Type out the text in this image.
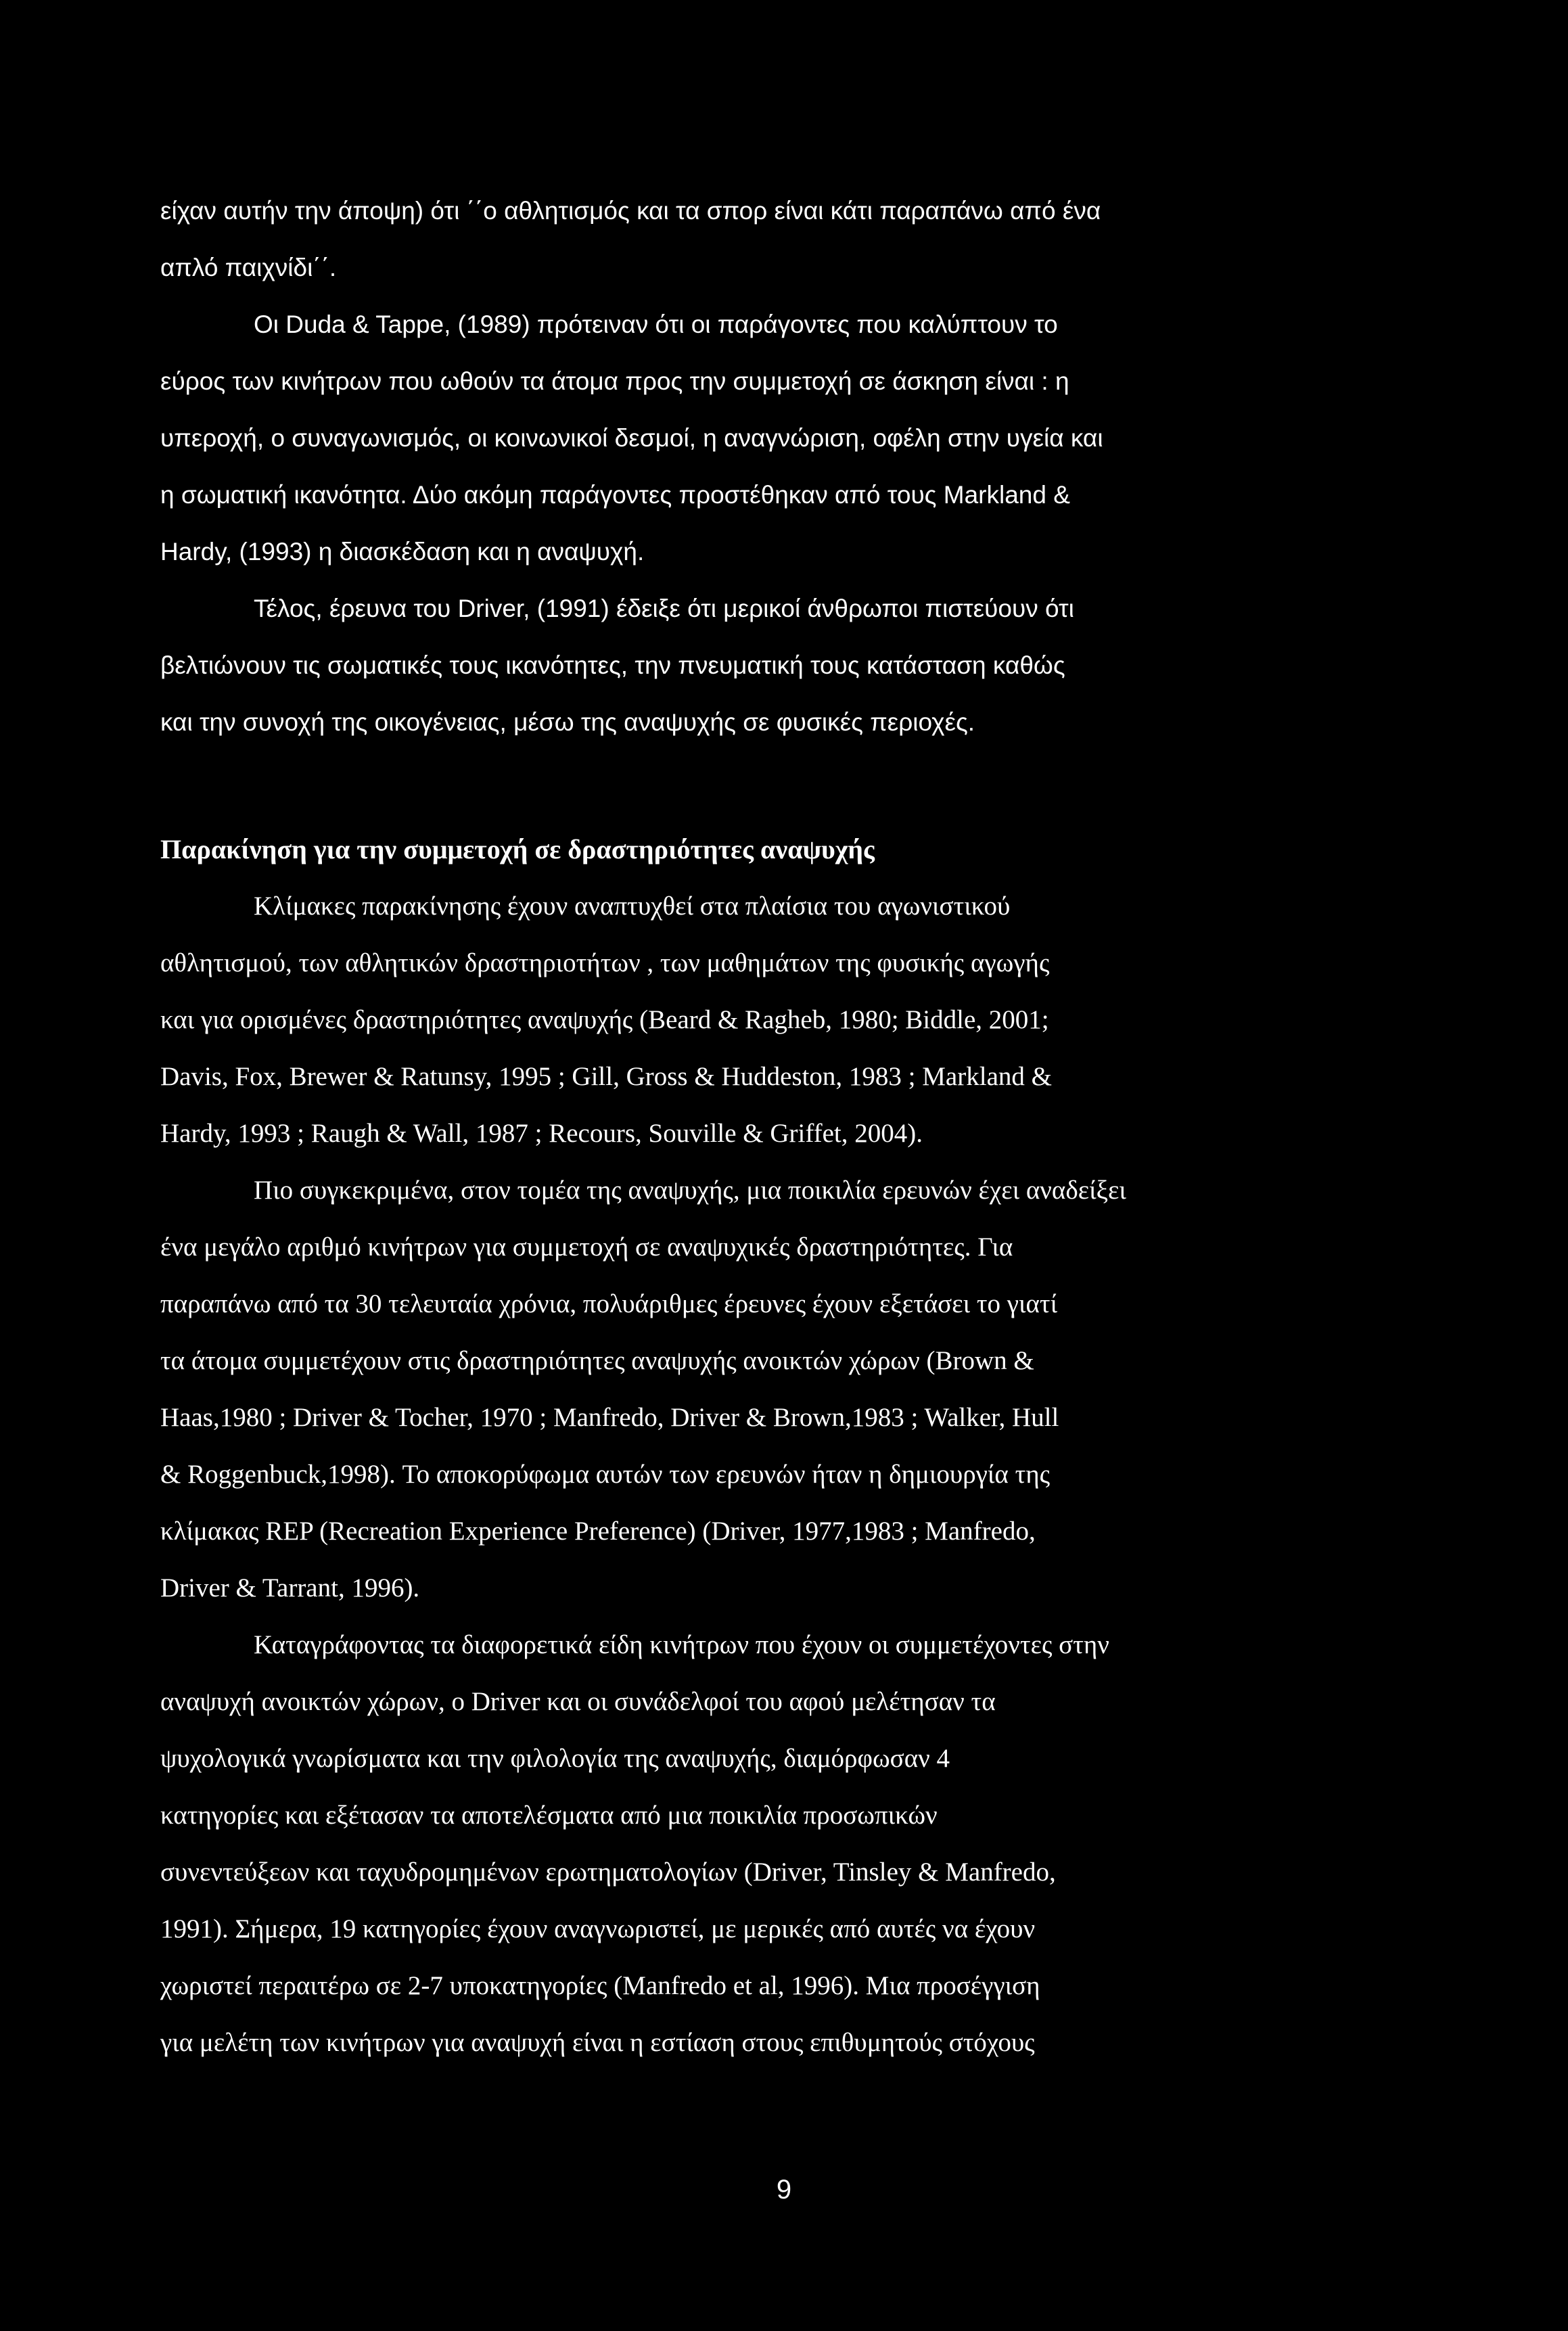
είχαν αυτήν την άποψη) ότι ΄΄ο αθλητισμός και τα σπορ είναι κάτι παραπάνω από ένα

απλό παιχνίδι΄΄.

Οι Duda & Tappe, (1989) πρότειναν ότι οι παράγοντες που καλύπτουν το

εύρος των κινήτρων που ωθούν τα άτομα προς την συμμετοχή σε άσκηση είναι : η

υπεροχή, ο συναγωνισμός, οι κοινωνικοί δεσμοί, η αναγνώριση, οφέλη στην υγεία και

η σωματική ικανότητα. Δύο ακόμη παράγοντες προστέθηκαν από τους Markland &

Hardy, (1993) η διασκέδαση και η αναψυχή.

Τέλος, έρευνα του Driver, (1991) έδειξε ότι μερικοί άνθρωποι πιστεύουν ότι

βελτιώνουν τις σωματικές τους ικανότητες, την πνευματική τους κατάσταση καθώς

και την συνοχή της οικογένειας, μέσω της αναψυχής σε φυσικές περιοχές.

Παρακίνηση για την συμμετοχή σε δραστηριότητες αναψυχής

Κλίμακες παρακίνησης έχουν αναπτυχθεί στα πλαίσια του αγωνιστικού

αθλητισμού, των αθλητικών δραστηριοτήτων , των μαθημάτων της φυσικής αγωγής

και για ορισμένες δραστηριότητες αναψυχής (Beard & Ragheb, 1980; Biddle, 2001;

Davis, Fox, Brewer & Ratunsy, 1995 ; Gill, Gross & Huddeston, 1983 ; Markland &

Hardy, 1993 ; Raugh & Wall, 1987 ; Recours, Souville & Griffet, 2004).

Πιο συγκεκριμένα, στον τομέα της αναψυχής, μια ποικιλία ερευνών έχει αναδείξει

ένα μεγάλο αριθμό κινήτρων για συμμετοχή σε αναψυχικές δραστηριότητες. Για

παραπάνω από τα 30 τελευταία χρόνια, πολυάριθμες έρευνες έχουν εξετάσει το γιατί

τα άτομα συμμετέχουν στις δραστηριότητες αναψυχής ανοικτών χώρων (Brown &

Haas,1980 ; Driver & Tocher, 1970 ; Manfredo, Driver & Brown,1983 ; Walker, Hull

& Roggenbuck,1998). Το αποκορύφωμα αυτών των ερευνών ήταν η δημιουργία της

κλίμακας REP (Recreation Experience Preference) (Driver, 1977,1983 ; Manfredo,

Driver & Tarrant, 1996).

Καταγράφοντας τα διαφορετικά είδη κινήτρων που έχουν οι συμμετέχοντες στην

αναψυχή ανοικτών χώρων, ο Driver και οι συνάδελφοί του αφού μελέτησαν τα

ψυχολογικά γνωρίσματα και την φιλολογία της αναψυχής, διαμόρφωσαν 4

κατηγορίες και εξέτασαν τα αποτελέσματα από μια ποικιλία προσωπικών

συνεντεύξεων και ταχυδρομημένων ερωτηματολογίων (Driver, Tinsley & Manfredo,

1991). Σήμερα, 19 κατηγορίες έχουν αναγνωριστεί, με μερικές από αυτές να έχουν

χωριστεί περαιτέρω σε 2-7 υποκατηγορίες (Manfredo et al, 1996). Μια προσέγγιση

για μελέτη των κινήτρων για αναψυχή είναι η εστίαση στους επιθυμητούς στόχους

9
